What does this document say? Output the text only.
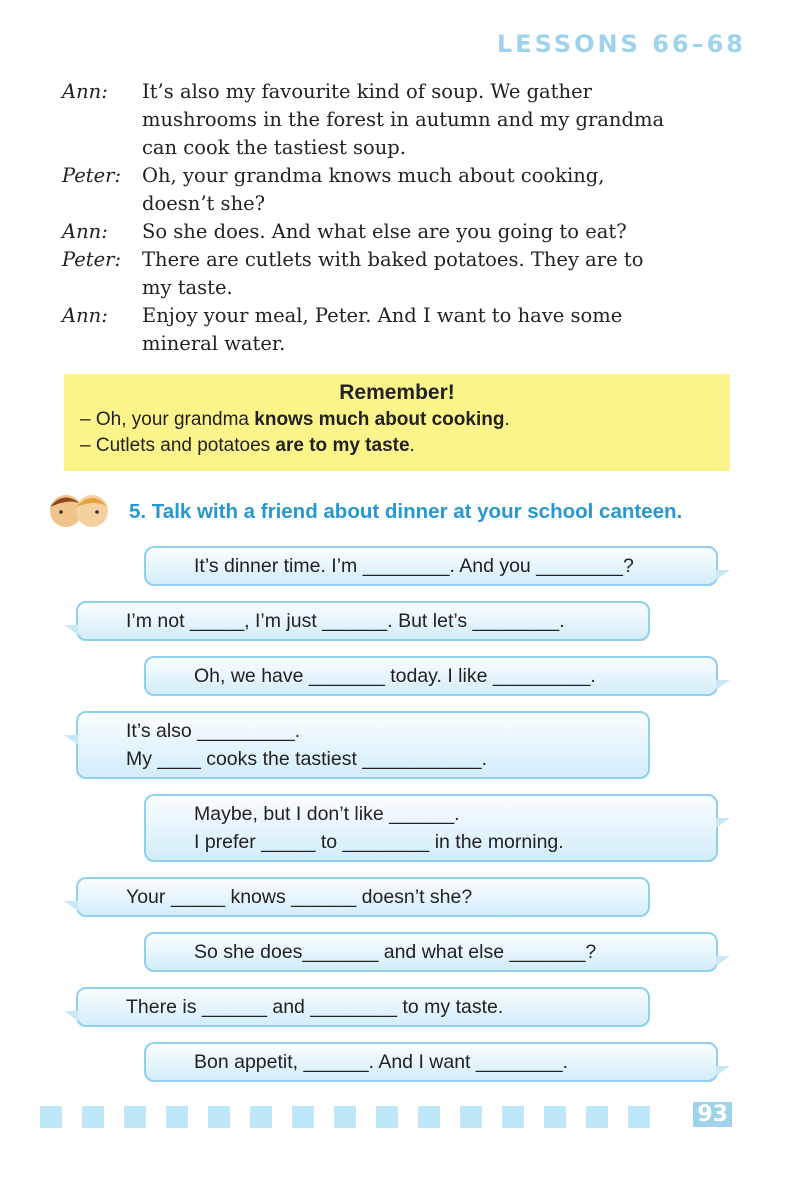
LESSONS 66–68
Ann:	It’s also my favourite kind of soup. We gather
mushrooms in the forest in autumn and my grandma
can cook the tastiest soup.
Peter:	Oh, your grandma knows much about cooking,
doesn’t she?
Ann:	So she does. And what else are you going to eat?
Peter:	There are cutlets with baked potatoes. They are to
my taste.
Ann:	Enjoy your meal, Peter. And I want to have some
mineral water.
Remember!
– Oh, your grandma knows much about cooking.
– Cutlets and potatoes are to my taste.
5. Talk with a friend about dinner at your school canteen.
It’s dinner time. I’m ________. And you ________?
I’m not _____, I’m just ______. But let’s ________.
Oh, we have _______ today. I like _________.
It’s also _________.
My ____ cooks the tastiest ___________.
Maybe, but I don’t like ______.
I prefer _____ to ________ in the morning.
Your _____ knows ______ doesn’t she?
So she does_______ and what else _______?
There is ______ and ________ to my taste.
Bon appetit, ______. And I want ________.
93
